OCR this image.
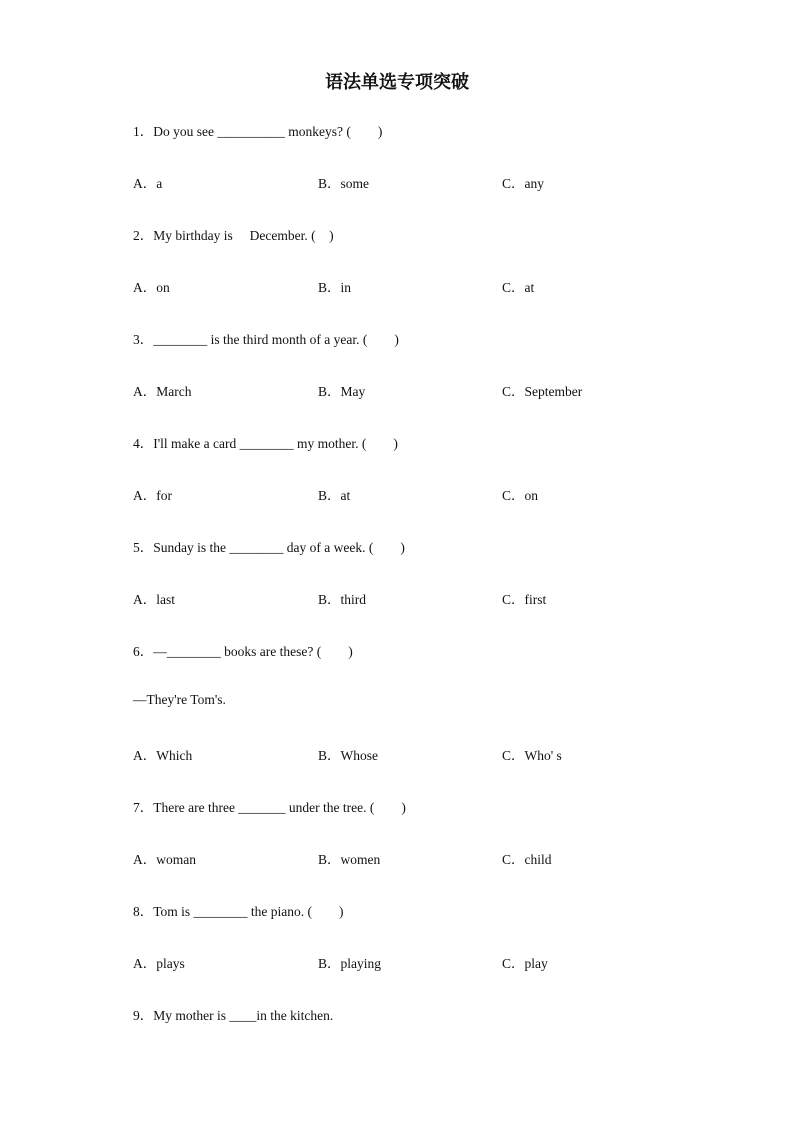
语法单选专项突破
1．Do you see __________ monkeys? (　　)
A．a	B．some	C．any
2．My birthday is　 December. (　)
A．on	B．in	C．at
3．________ is the third month of a year. (　　)
A．March	B．May	C．September
4．I'll make a card ________ my mother. (　　)
A．for	B．at	C．on
5．Sunday is the ________ day of a week. (　　)
A．last	B．third	C．first
6．—________ books are these? (　　)
—They're Tom's.
A．Which	B．Whose	C．Who' s
7．There are three _______ under the tree. (　　)
A．woman	B．women	C．child
8．Tom is ________ the piano. (　　)
A．plays	B．playing	C．play
9．My mother is ____in the kitchen.
